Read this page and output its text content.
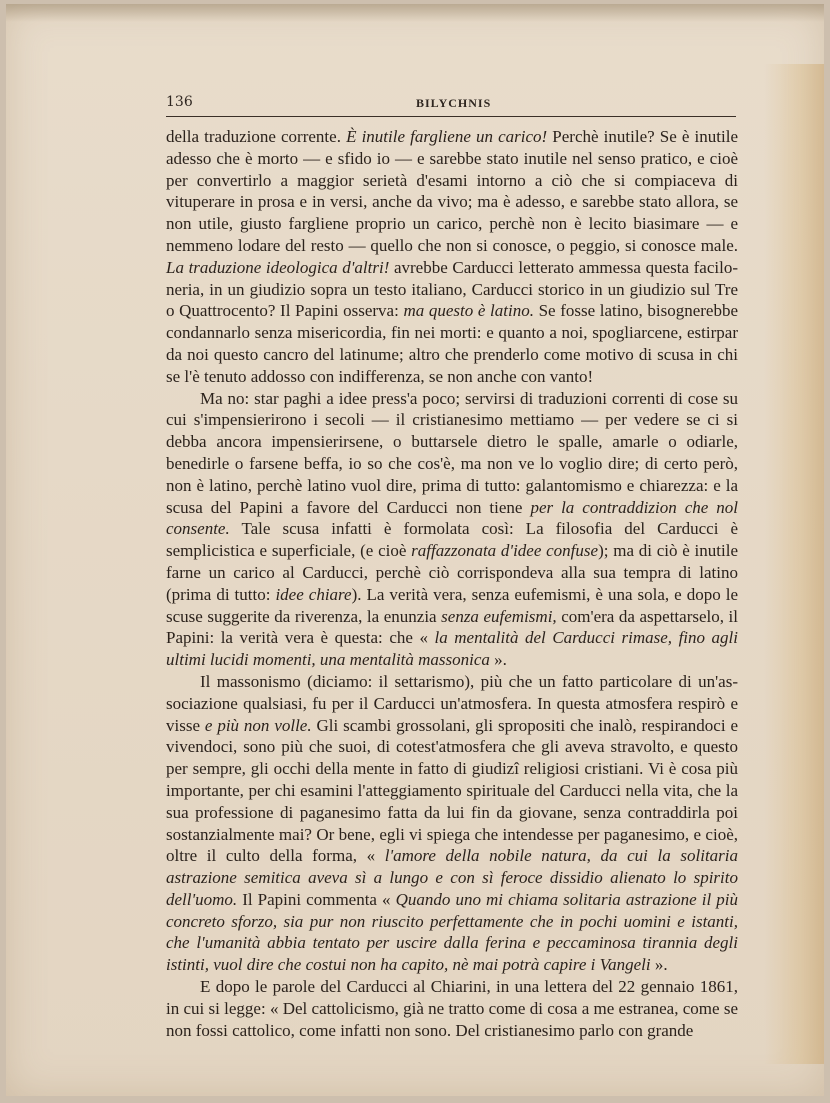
136	BILYCHNIS

della traduzione corrente. È inutile fargliene un carico! Perchè inutile? Se è inutile adesso che è morto — e sfido io — e sarebbe stato inutile nel senso pratico, e cioè per convertirlo a maggior serietà d'esami intorno a ciò che si compiaceva di vituperare in prosa e in versi, anche da vivo; ma è adesso, e sarebbe stato allora, se non utile, giusto fargliene proprio un carico, perchè non è lecito biasimare — e nemmeno lodare del resto — quello che non si conosce, o peggio, si conosce male. La traduzione ideologica d'altri! avrebbe Carducci letterato ammessa questa faciloneria, in un giudizio sopra un testo italiano, Carducci storico in un giudizio sul Tre o Quattrocento? Il Papini osserva: ma questo è latino. Se fosse latino, bisognerebbe condannarlo senza misericordia, fin nei morti: e quanto a noi, spogliarcene, estirpar da noi questo cancro del latinume; altro che prenderlo come motivo di scusa in chi se l'è tenuto addosso con indifferenza, se non anche con vanto!

Ma no: star paghi a idee press'a poco; servirsi di traduzioni correnti di cose su cui s'impensierirono i secoli — il cristianesimo mettiamo — per vedere se ci si debba ancora impensierirsene, o buttarsele dietro le spalle, amarle o odiarle, benedirle o farsene beffa, io so che cos'è, ma non ve lo voglio dire; di certo però, non è latino, perchè latino vuol dire, prima di tutto: galantomismo e chiarezza: e la scusa del Papini a favore del Carducci non tiene per la contraddizion che nol consente. Tale scusa infatti è formolata così: La filosofia del Carducci è semplicistica e superficiale, (e cioè raffazzonata d'idee confuse); ma di ciò è inutile farne un carico al Carducci, perchè ciò corrispondeva alla sua tempra di latino (prima di tutto: idee chiare). La verità vera, senza eufemismi, è una sola, e dopo le scuse suggerite da riverenza, la enunzia senza eufemismi, com'era da aspettarselo, il Papini: la verità vera è questa: che « la mentalità del Carducci rimase, fino agli ultimi lucidi momenti, una mentalità massonica ».

Il massonismo (diciamo: il settarismo), più che un fatto particolare di un'associazione qualsiasi, fu per il Carducci un'atmosfera. In questa atmosfera respirò e visse e più non volle. Gli scambi grossolani, gli spropositi che inalò, respirandoci e vivendoci, sono più che suoi, di cotest'atmosfera che gli aveva stravolto, e questo per sempre, gli occhi della mente in fatto di giudizî religiosi cristiani. Vi è cosa più importante, per chi esamini l'atteggiamento spirituale del Carducci nella vita, che la sua professione di paganesimo fatta da lui fin da giovane, senza contraddirla poi sostanzialmente mai? Or bene, egli vi spiega che intendesse per paganesimo, e cioè, oltre il culto della forma, « l'amore della nobile natura, da cui la solitaria astrazione semitica aveva sì a lungo e con sì feroce dissidio alienato lo spirito dell'uomo. Il Papini commenta « Quando uno mi chiama solitaria astrazione il più concreto sforzo, sia pur non riuscito perfettamente che in pochi uomini e istanti, che l'umanità abbia tentato per uscire dalla ferina e peccaminosa tirannia degli istinti, vuol dire che costui non ha capito, nè mai potrà capire i Vangeli ».

E dopo le parole del Carducci al Chiarini, in una lettera del 22 gennaio 1861, in cui si legge: « Del cattolicismo, già ne tratto come di cosa a me estranea, come se non fossi cattolico, come infatti non sono. Del cristianesimo parlo con grande
